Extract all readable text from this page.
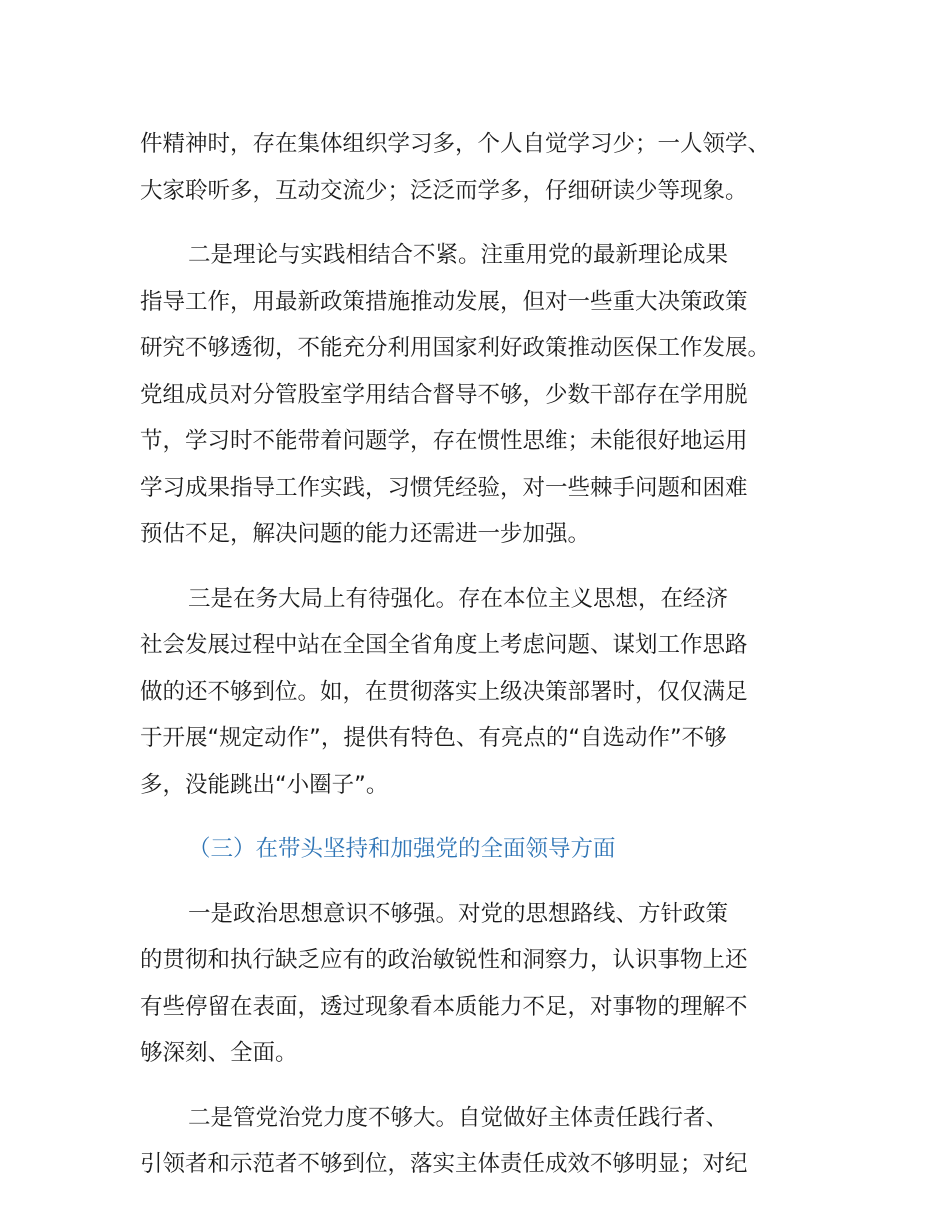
件精神时，存在集体组织学习多，个人自觉学习少；一人领学、
大家聆听多，互动交流少；泛泛而学多，仔细研读少等现象。
二是理论与实践相结合不紧。注重用党的最新理论成果
指导工作，用最新政策措施推动发展，但对一些重大决策政策
研究不够透彻，不能充分利用国家利好政策推动医保工作发展。
党组成员对分管股室学用结合督导不够，少数干部存在学用脱
节，学习时不能带着问题学，存在惯性思维；未能很好地运用
学习成果指导工作实践，习惯凭经验，对一些棘手问题和困难
预估不足，解决问题的能力还需进一步加强。
三是在务大局上有待强化。存在本位主义思想，在经济
社会发展过程中站在全国全省角度上考虑问题、谋划工作思路
做的还不够到位。如，在贯彻落实上级决策部署时，仅仅满足
于开展“规定动作”，提供有特色、有亮点的“自选动作”不够
多，没能跳出“小圈子”。
（三）在带头坚持和加强党的全面领导方面
一是政治思想意识不够强。对党的思想路线、方针政策
的贯彻和执行缺乏应有的政治敏锐性和洞察力，认识事物上还
有些停留在表面，透过现象看本质能力不足，对事物的理解不
够深刻、全面。
二是管党治党力度不够大。自觉做好主体责任践行者、
引领者和示范者不够到位，落实主体责任成效不够明显；对纪
